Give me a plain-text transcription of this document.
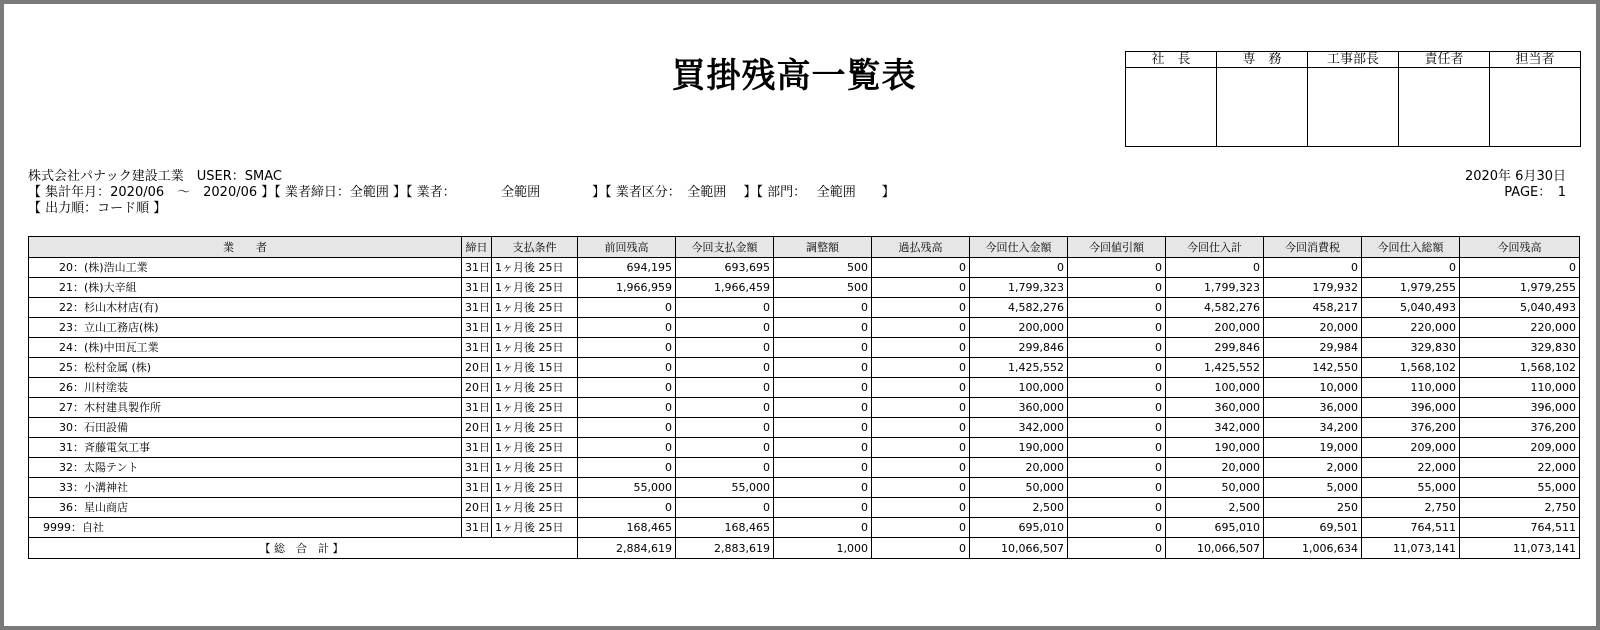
買掛残高一覧表	社　長	専　務	工事部長	責任者	担当者

株式会社パナック建設工業　USER：SMAC
【 集計年月：2020/06　～　2020/06 】【 業者締日：全範囲 】【 業者：　　　　全範囲　　　　】【 業者区分：　全範囲　 】【 部門：　 全範囲　　】
【 出力順：コード順 】
2020年 6月30日
PAGE：　1
業　　者	締日	支払条件	前回残高	今回支払金額	調整額	過払残高	今回仕入金額	今回値引額	今回仕入計	今回消費税	今回仕入総額	今回残高
20：(株)浩山工業	31日	1ヶ月後 25日	694,195	693,695	500	0	0	0	0	0	0	0
21：(株)大辛組	31日	1ヶ月後 25日	1,966,959	1,966,459	500	0	1,799,323	0	1,799,323	179,932	1,979,255	1,979,255
22：杉山木材店(有)	31日	1ヶ月後 25日	0	0	0	0	4,582,276	0	4,582,276	458,217	5,040,493	5,040,493
23：立山工務店(株)	31日	1ヶ月後 25日	0	0	0	0	200,000	0	200,000	20,000	220,000	220,000
24：(株)中田瓦工業	31日	1ヶ月後 25日	0	0	0	0	299,846	0	299,846	29,984	329,830	329,830
25：松村金属 (株)	20日	1ヶ月後 15日	0	0	0	0	1,425,552	0	1,425,552	142,550	1,568,102	1,568,102
26：川村塗装	20日	1ヶ月後 25日	0	0	0	0	100,000	0	100,000	10,000	110,000	110,000
27：木村建具製作所	31日	1ヶ月後 25日	0	0	0	0	360,000	0	360,000	36,000	396,000	396,000
30：石田設備	20日	1ヶ月後 25日	0	0	0	0	342,000	0	342,000	34,200	376,200	376,200
31：斉藤電気工事	31日	1ヶ月後 25日	0	0	0	0	190,000	0	190,000	19,000	209,000	209,000
32：太陽テント	31日	1ヶ月後 25日	0	0	0	0	20,000	0	20,000	2,000	22,000	22,000
33：小溝神社	31日	1ヶ月後 25日	55,000	55,000	0	0	50,000	0	50,000	5,000	55,000	55,000
36：星山商店	20日	1ヶ月後 25日	0	0	0	0	2,500	0	2,500	250	2,750	2,750
9999：自社	31日	1ヶ月後 25日	168,465	168,465	0	0	695,010	0	695,010	69,501	764,511	764,511
【 総　合　計 】			2,884,619	2,883,619	1,000	0	10,066,507	0	10,066,507	1,006,634	11,073,141	11,073,141
